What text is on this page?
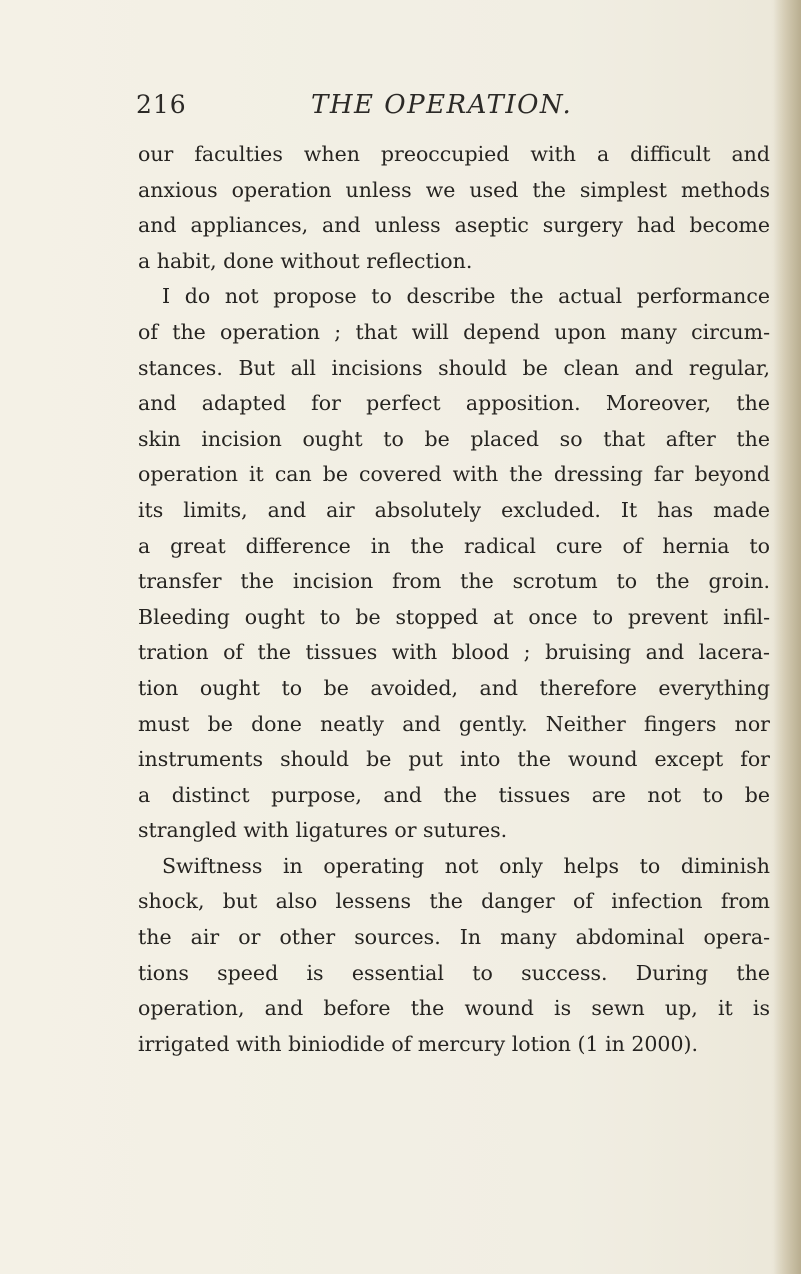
216	THE OPERATION.
our faculties when preoccupied with a difficult and
anxious operation unless we used the simplest methods
and appliances, and unless aseptic surgery had become
a habit, done without reflection.
I do not propose to describe the actual performance
of the operation ; that will depend upon many circum-
stances. But all incisions should be clean and regular,
and adapted for perfect apposition. Moreover, the
skin incision ought to be placed so that after the
operation it can be covered with the dressing far beyond
its limits, and air absolutely excluded. It has made
a great difference in the radical cure of hernia to
transfer the incision from the scrotum to the groin.
Bleeding ought to be stopped at once to prevent infil-
tration of the tissues with blood ; bruising and lacera-
tion ought to be avoided, and therefore everything
must be done neatly and gently. Neither fingers nor
instruments should be put into the wound except for
a distinct purpose, and the tissues are not to be
strangled with ligatures or sutures.
Swiftness in operating not only helps to diminish
shock, but also lessens the danger of infection from
the air or other sources. In many abdominal opera-
tions speed is essential to success. During the
operation, and before the wound is sewn up, it is
irrigated with biniodide of mercury lotion (1 in 2000).
